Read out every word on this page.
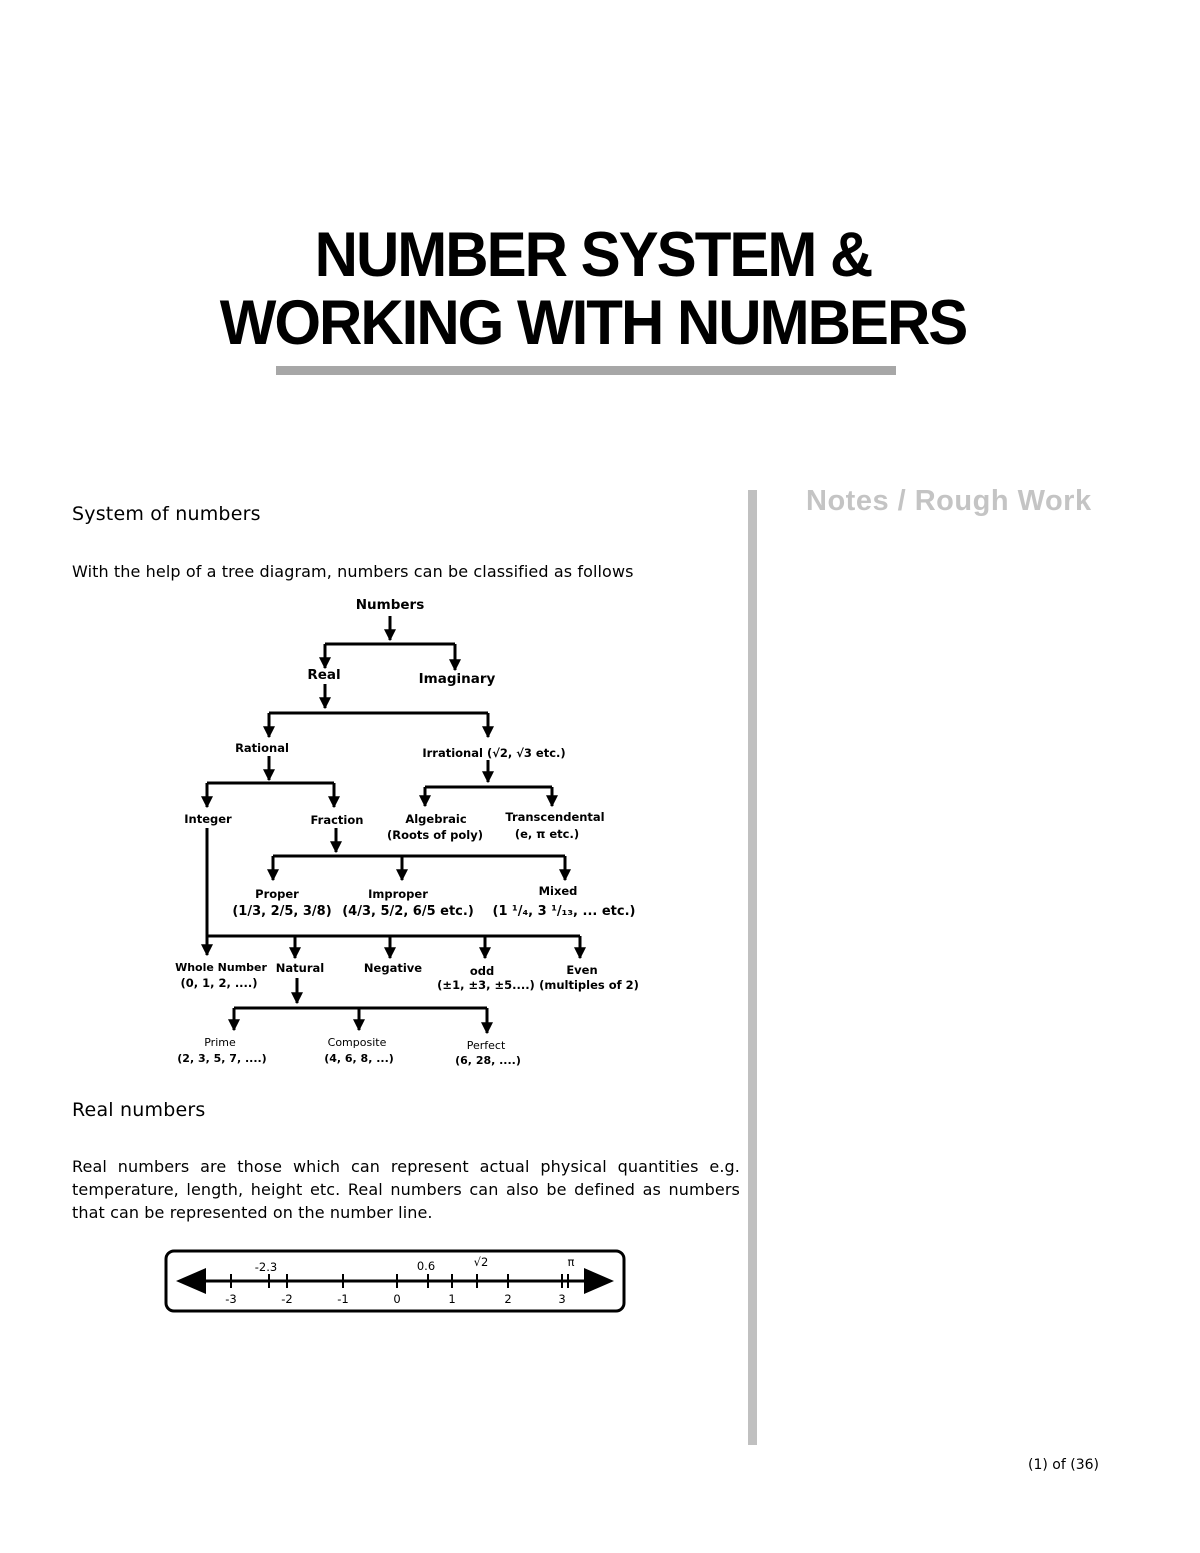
NUMBER SYSTEM &
WORKING WITH NUMBERS
System of numbers

With the help of a tree diagram, numbers can be classified as follows

Numbers
Real	Imaginary
Rational	Irrational (√2, √3 etc.)
Integer	Fraction	Algebraic
(Roots of poly)
Transcendental
(e, π etc.)
Proper
(1/3, 2/5, 3/8)
Improper
(4/3, 5/2, 6/5 etc.)
Mixed
(1 ¹/₄, 3 ¹/₁₃, ... etc.)
Whole Number
(0, 1, 2, ....)
Natural	Negative	odd
(±1, ±3, ±5....)
Even
(multiples of 2)
Prime
(2, 3, 5, 7, ....)
Composite
(4, 6, 8, ...)
Perfect
(6, 28, ....)
-3	-2	-1	0	1	2	3
-2.3	0.6	√2	π
Real numbers

Real numbers are those which can represent actual physical quantities e.g. temperature, length, height etc. Real numbers can also be defined as numbers that can be represented on the number line.

Notes / Rough Work
(1) of (36)
